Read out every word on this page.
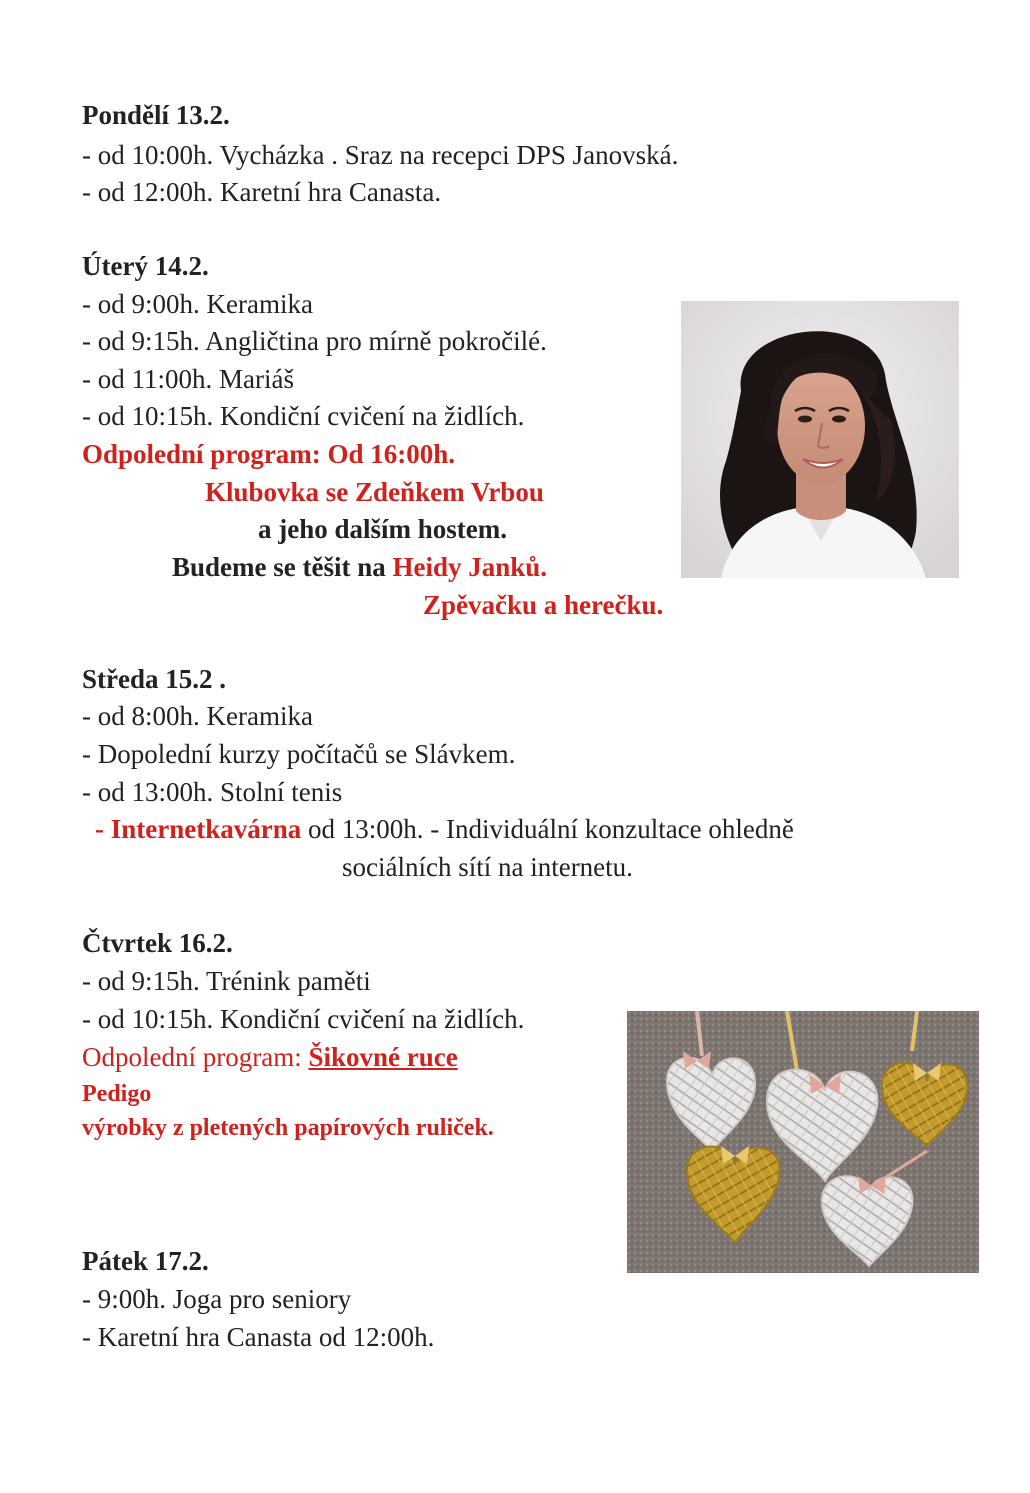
Pondělí 13.2.
- od 10:00h. Vycházka . Sraz na recepci DPS Janovská.
- od 12:00h. Karetní hra Canasta.
Úterý 14.2.
- od 9:00h. Keramika
- od 9:15h. Angličtina pro mírně pokročilé.
- od 11:00h. Mariáš
- od 10:15h. Kondiční cvičení na židlích.
Odpolední program: Od 16:00h.
Klubovka se Zdeňkem Vrbou
a jeho dalším hostem.
Budeme se těšit na Heidy Janků.
Zpěvačku a herečku.
Středa 15.2 .
- od 8:00h. Keramika
- Dopolední kurzy počítačů se Slávkem.
- od 13:00h. Stolní tenis
- Internetkavárna od 13:00h. - Individuální konzultace ohledně
sociálních sítí na internetu.
Čtvrtek 16.2.
- od 9:15h. Trénink paměti
- od 10:15h. Kondiční cvičení na židlích.
Odpolední program: Šikovné ruce
Pedigo
výrobky z pletených papírových ruliček.
Pátek 17.2.
- 9:00h. Joga pro seniory
- Karetní hra Canasta od 12:00h.
